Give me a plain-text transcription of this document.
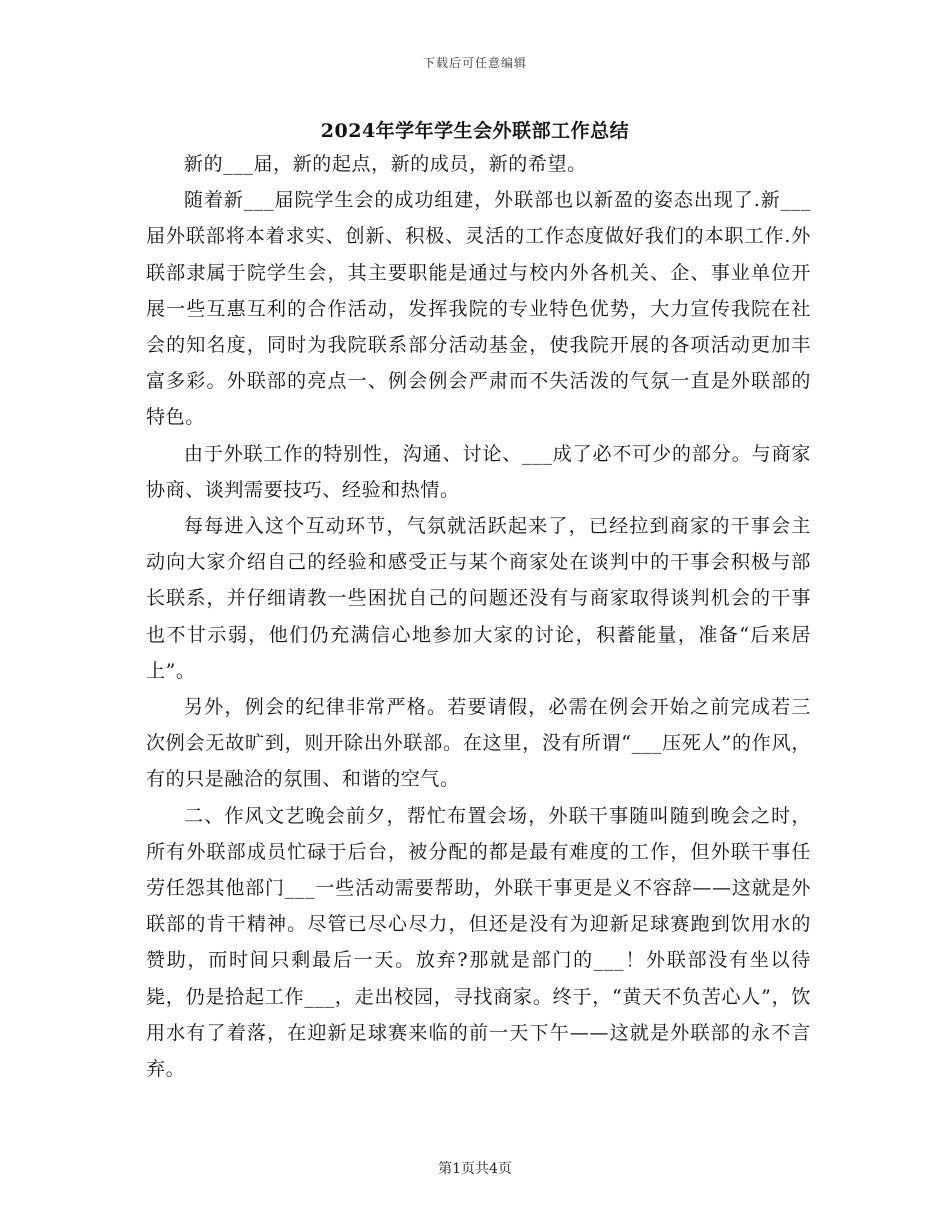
下载后可任意编辑
2024年学年学生会外联部工作总结

新的___届，新的起点，新的成员，新的希望。

随着新___届院学生会的成功组建，外联部也以新盈的姿态出现了.新___届外联部将本着求实、创新、积极、灵活的工作态度做好我们的本职工作.外联部隶属于院学生会，其主要职能是通过与校内外各机关、企、事业单位开展一些互惠互利的合作活动，发挥我院的专业特色优势，大力宣传我院在社会的知名度，同时为我院联系部分活动基金，使我院开展的各项活动更加丰富多彩。外联部的亮点一、例会例会严肃而不失活泼的气氛一直是外联部的特色。

由于外联工作的特别性，沟通、讨论、___成了必不可少的部分。与商家协商、谈判需要技巧、经验和热情。

每每进入这个互动环节，气氛就活跃起来了，已经拉到商家的干事会主动向大家介绍自己的经验和感受正与某个商家处在谈判中的干事会积极与部长联系，并仔细请教一些困扰自己的问题还没有与商家取得谈判机会的干事也不甘示弱，他们仍充满信心地参加大家的讨论，积蓄能量，准备“后来居上”。

另外，例会的纪律非常严格。若要请假，必需在例会开始之前完成若三次例会无故旷到，则开除出外联部。在这里，没有所谓“___压死人”的作风，有的只是融洽的氛围、和谐的空气。

二、作风文艺晚会前夕，帮忙布置会场，外联干事随叫随到晚会之时，所有外联部成员忙碌于后台，被分配的都是最有难度的工作，但外联干事任劳任怨其他部门___一些活动需要帮助，外联干事更是义不容辞——这就是外联部的肯干精神。尽管已尽心尽力，但还是没有为迎新足球赛跑到饮用水的赞助，而时间只剩最后一天。放弃?那就是部门的___！外联部没有坐以待毙，仍是拾起工作___，走出校园，寻找商家。终于，“黄天不负苦心人”，饮用水有了着落，在迎新足球赛来临的前一天下午——这就是外联部的永不言弃。

第1页共4页
